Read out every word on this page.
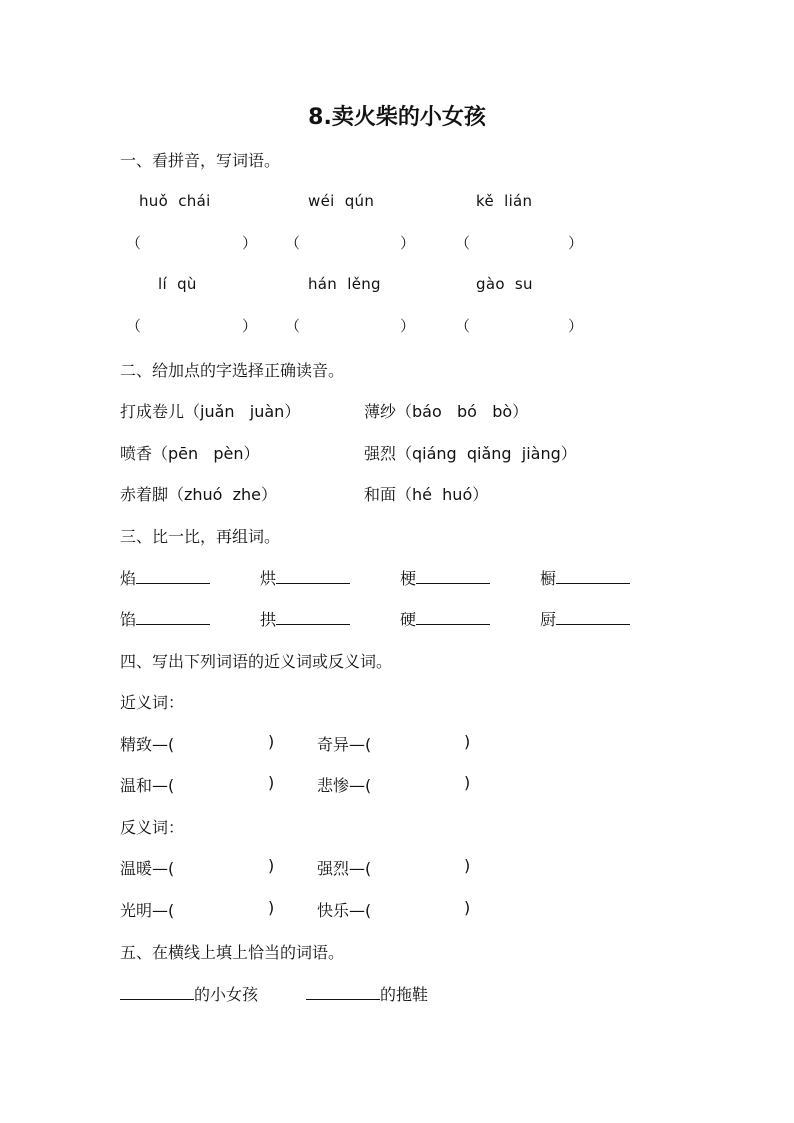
8.卖火柴的小女孩
一、看拼音，写词语。
huǒ  chái	wéi  qún	kě  lián
（	） （	）	（	）
lí  qù	hán  lěng	gào  su
（	） （	）	（	）
二、给加点的字选择正确读音。
打成卷儿（juǎn   juàn）	薄纱（báo   bó   bò）
喷香（pēn   pèn）	强烈（qiáng  qiǎng  jiàng）
赤着脚（zhuó  zhe）	和面（hé  huó）
三、比一比，再组词。
焰	烘	梗	橱
馅	拱	硬	厨
四、写出下列词语的近义词或反义词。
近义词：
精致—(	)	奇异—(	)
温和—(	)	悲惨—(	)
反义词：
温暖—(	)	强烈—(	)
光明—(	)	快乐—(	)
五、在横线上填上恰当的词语。
的小女孩	的拖鞋
